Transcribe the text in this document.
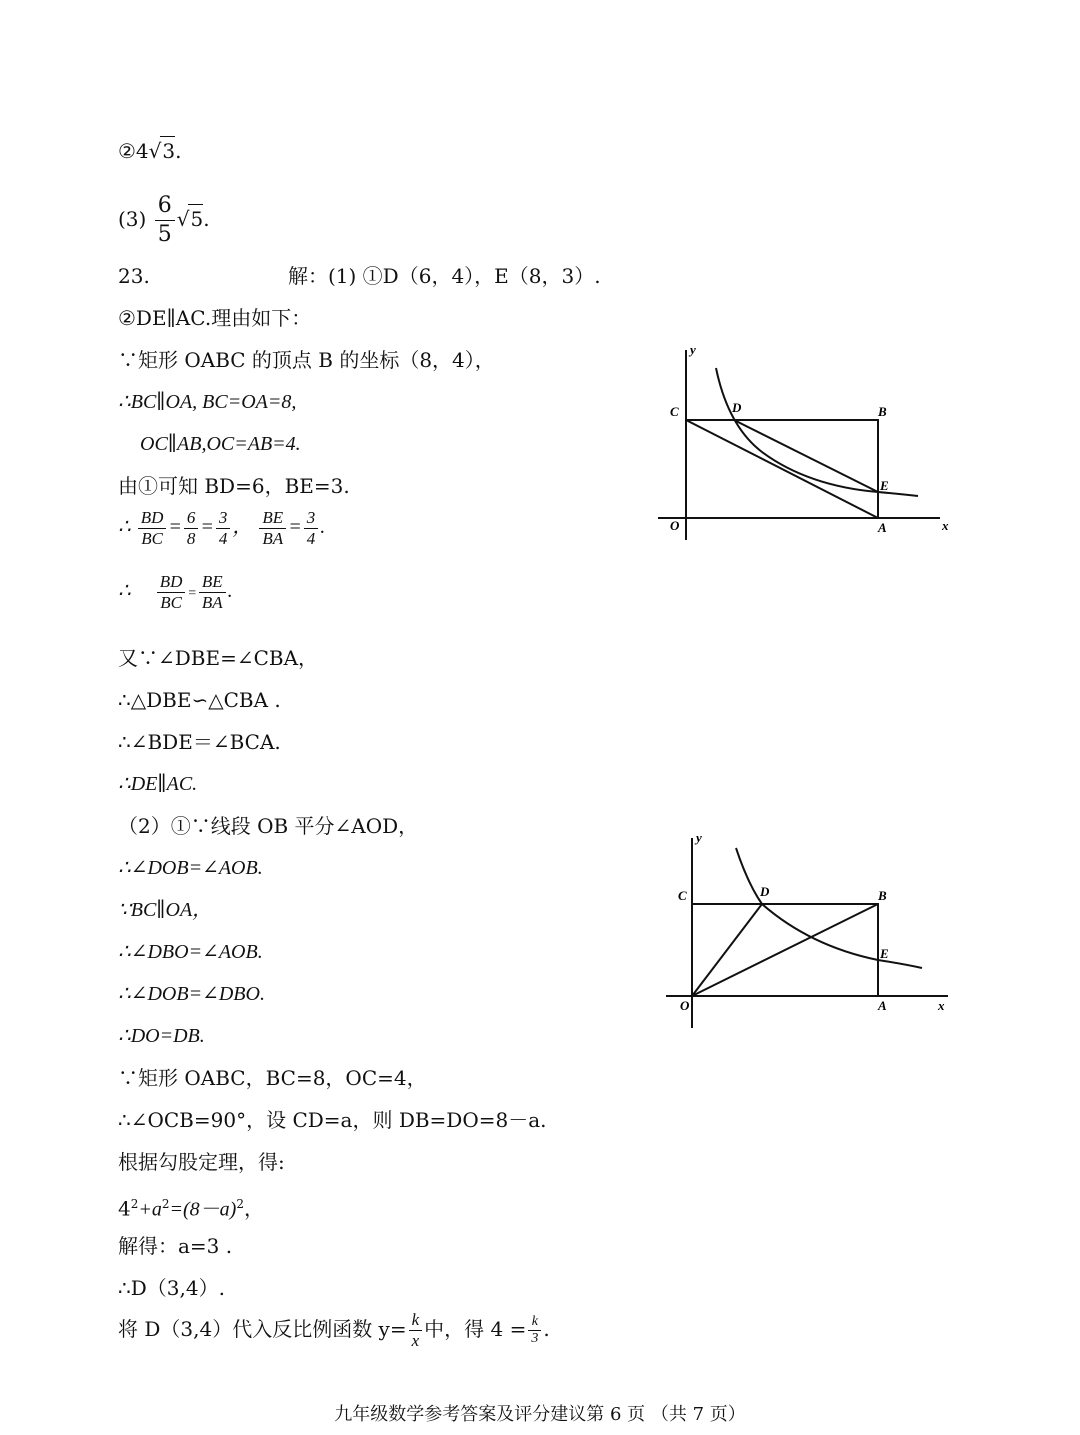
②4√3.
$(3) \frac{6}{5} √5$.
23.	解：(1) ①D（6，4），E（8，3）.
②DE∥AC.理由如下：
∵矩形 OABC 的顶点 B 的坐标（8，4），
∴BC∥OA, BC=OA=8,
OC∥AB,OC=AB=4.
由①可知 BD=6，BE=3.
∴ $\frac{BD}{BC} = \frac{6}{8} = \frac{3}{4}$ ， $\frac{BE}{BA} = \frac{3}{4}$ .
∴ $\frac{BD}{BC} = \frac{BE}{BA}$ .
又∵∠DBE=∠CBA，
∴△DBE∽△CBA .
∴∠BDE＝∠BCA.
∴DE∥AC.
（2）①∵线段 OB 平分∠AOD，
∴∠DOB=∠AOB.
∵BC∥OA，
∴∠DBO=∠AOB.
∴∠DOB=∠DBO.
∴DO=DB.
∵矩形 OABC，BC=8，OC=4，
∴∠OCB=90°，设 CD=a，则 DB=DO=8－a.
根据勾股定理，得:
$4^2+a^2=(8-a)^2$，
解得：a=3 .
∴D（3,4）.
将 D（3,4）代入反比例函数 $y= \frac{k}{x}$ 中，得 $4 = \frac{k}{3}$ .
y
C	D	B
E
O	A	x
y
C	D	B
E
O	A	x
九年级数学参考答案及评分建议第 6 页 （共 7 页）
